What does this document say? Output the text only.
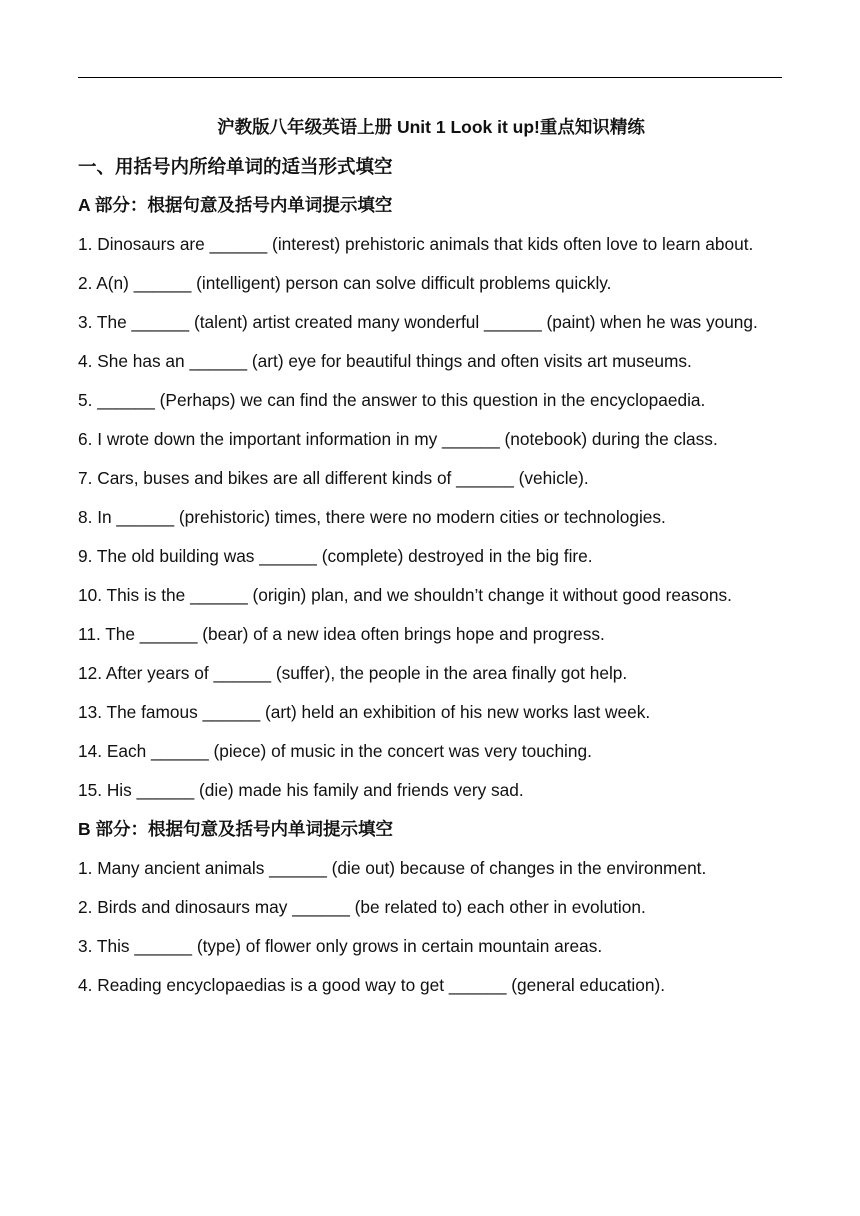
沪教版八年级英语上册 Unit 1 Look it up!重点知识精练
一、用括号内所给单词的适当形式填空
A 部分：根据句意及括号内单词提示填空
1. Dinosaurs are ______ (interest) prehistoric animals that kids often love to learn about.
2. A(n) ______ (intelligent) person can solve difficult problems quickly.
3. The ______ (talent) artist created many wonderful ______ (paint) when he was young.
4. She has an ______ (art) eye for beautiful things and often visits art museums.
5. ______ (Perhaps) we can find the answer to this question in the encyclopaedia.
6. I wrote down the important information in my ______ (notebook) during the class.
7. Cars, buses and bikes are all different kinds of ______ (vehicle).
8. In ______ (prehistoric) times, there were no modern cities or technologies.
9. The old building was ______ (complete) destroyed in the big fire.
10. This is the ______ (origin) plan, and we shouldn’t change it without good reasons.
11. The ______ (bear) of a new idea often brings hope and progress.
12. After years of ______ (suffer), the people in the area finally got help.
13. The famous ______ (art) held an exhibition of his new works last week.
14. Each ______ (piece) of music in the concert was very touching.
15. His ______ (die) made his family and friends very sad.
B 部分：根据句意及括号内单词提示填空
1. Many ancient animals ______ (die out) because of changes in the environment.
2. Birds and dinosaurs may ______ (be related to) each other in evolution.
3. This ______ (type) of flower only grows in certain mountain areas.
4. Reading encyclopaedias is a good way to get ______ (general education).
